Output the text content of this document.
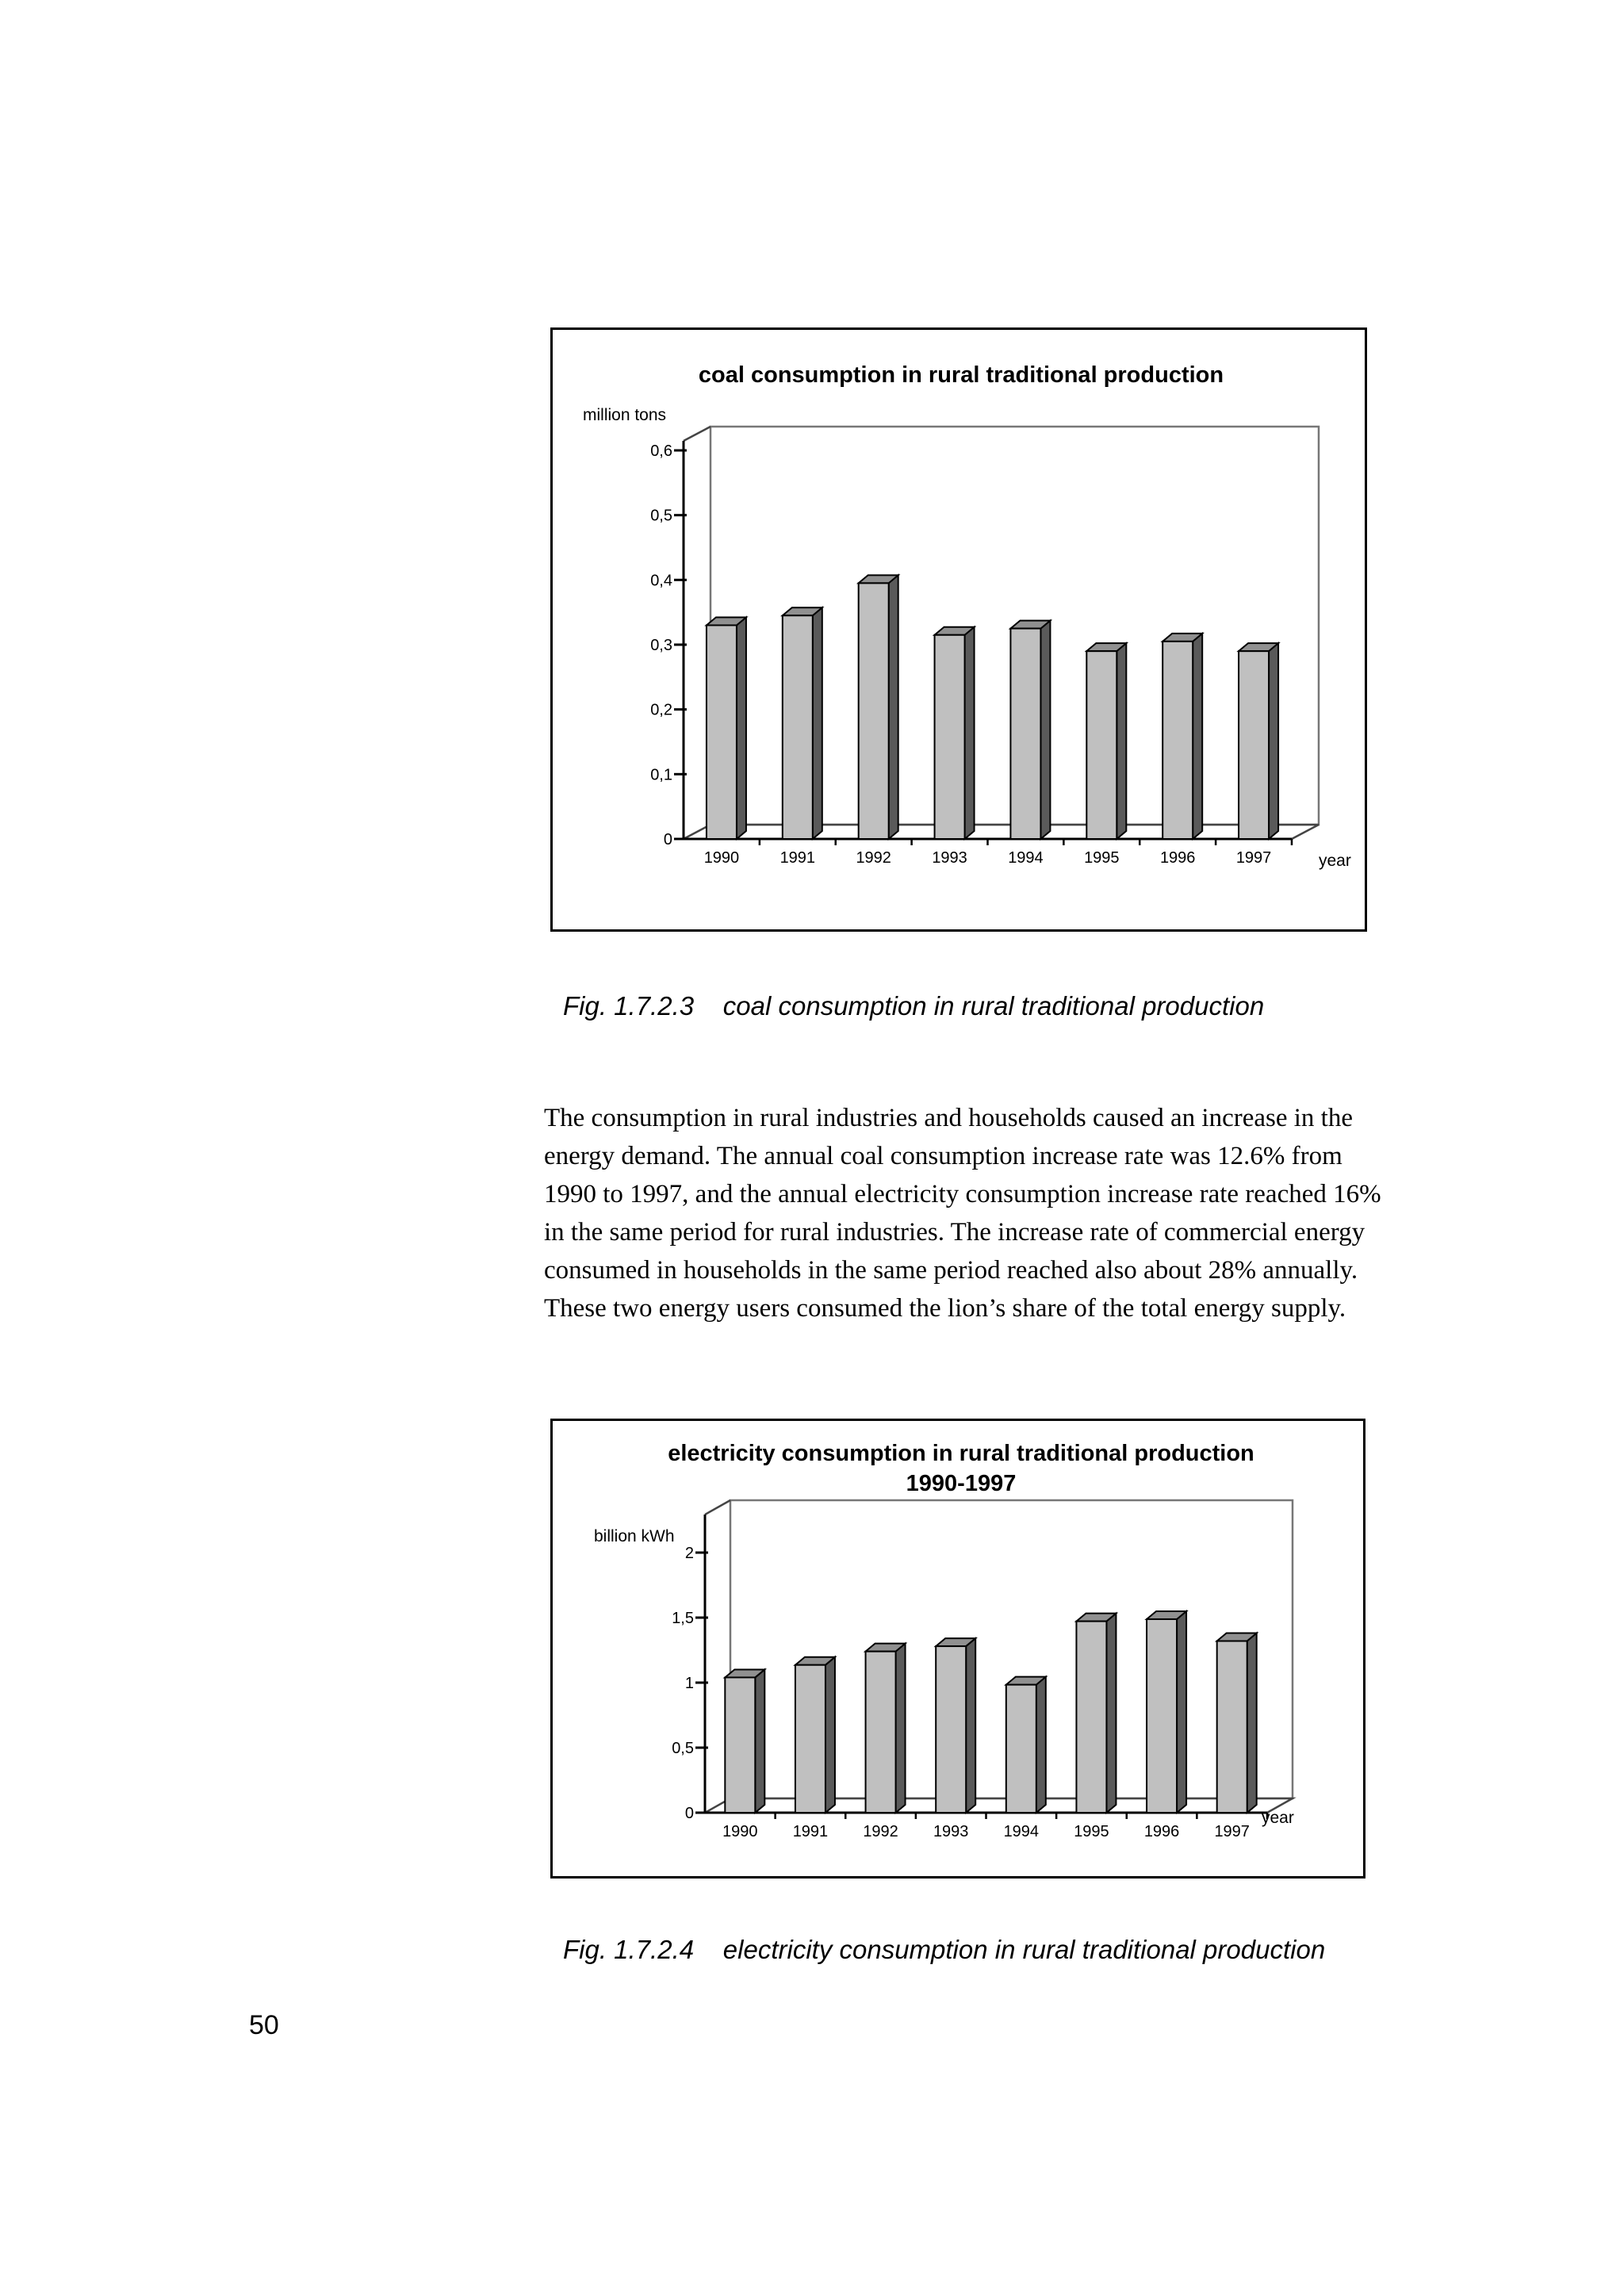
coal consumption in rural traditional production
million tons
0
0,1
0,2
0,3
0,4
0,5
0,6
1990	1991	1992	1993	1994	1995	1996	1997	year
Fig. 1.7.2.3 coal consumption in rural traditional production

The consumption in rural industries and households caused an increase in the energy demand. The annual coal consumption increase rate was 12.6% from 1990 to 1997, and the annual electricity consumption increase rate reached 16% in the same period for rural industries. The increase rate of commercial energy consumed in households in the same period reached also about 28% annually. These two energy users consumed the lion’s share of the total energy supply.

electricity consumption in rural traditional production
1990-1997
billion kWh
0
0,5
1
1,5
2
1990 1991 1992 1993 1994 1995 1996 1997
year
Fig. 1.7.2.4 electricity consumption in rural traditional production
50
